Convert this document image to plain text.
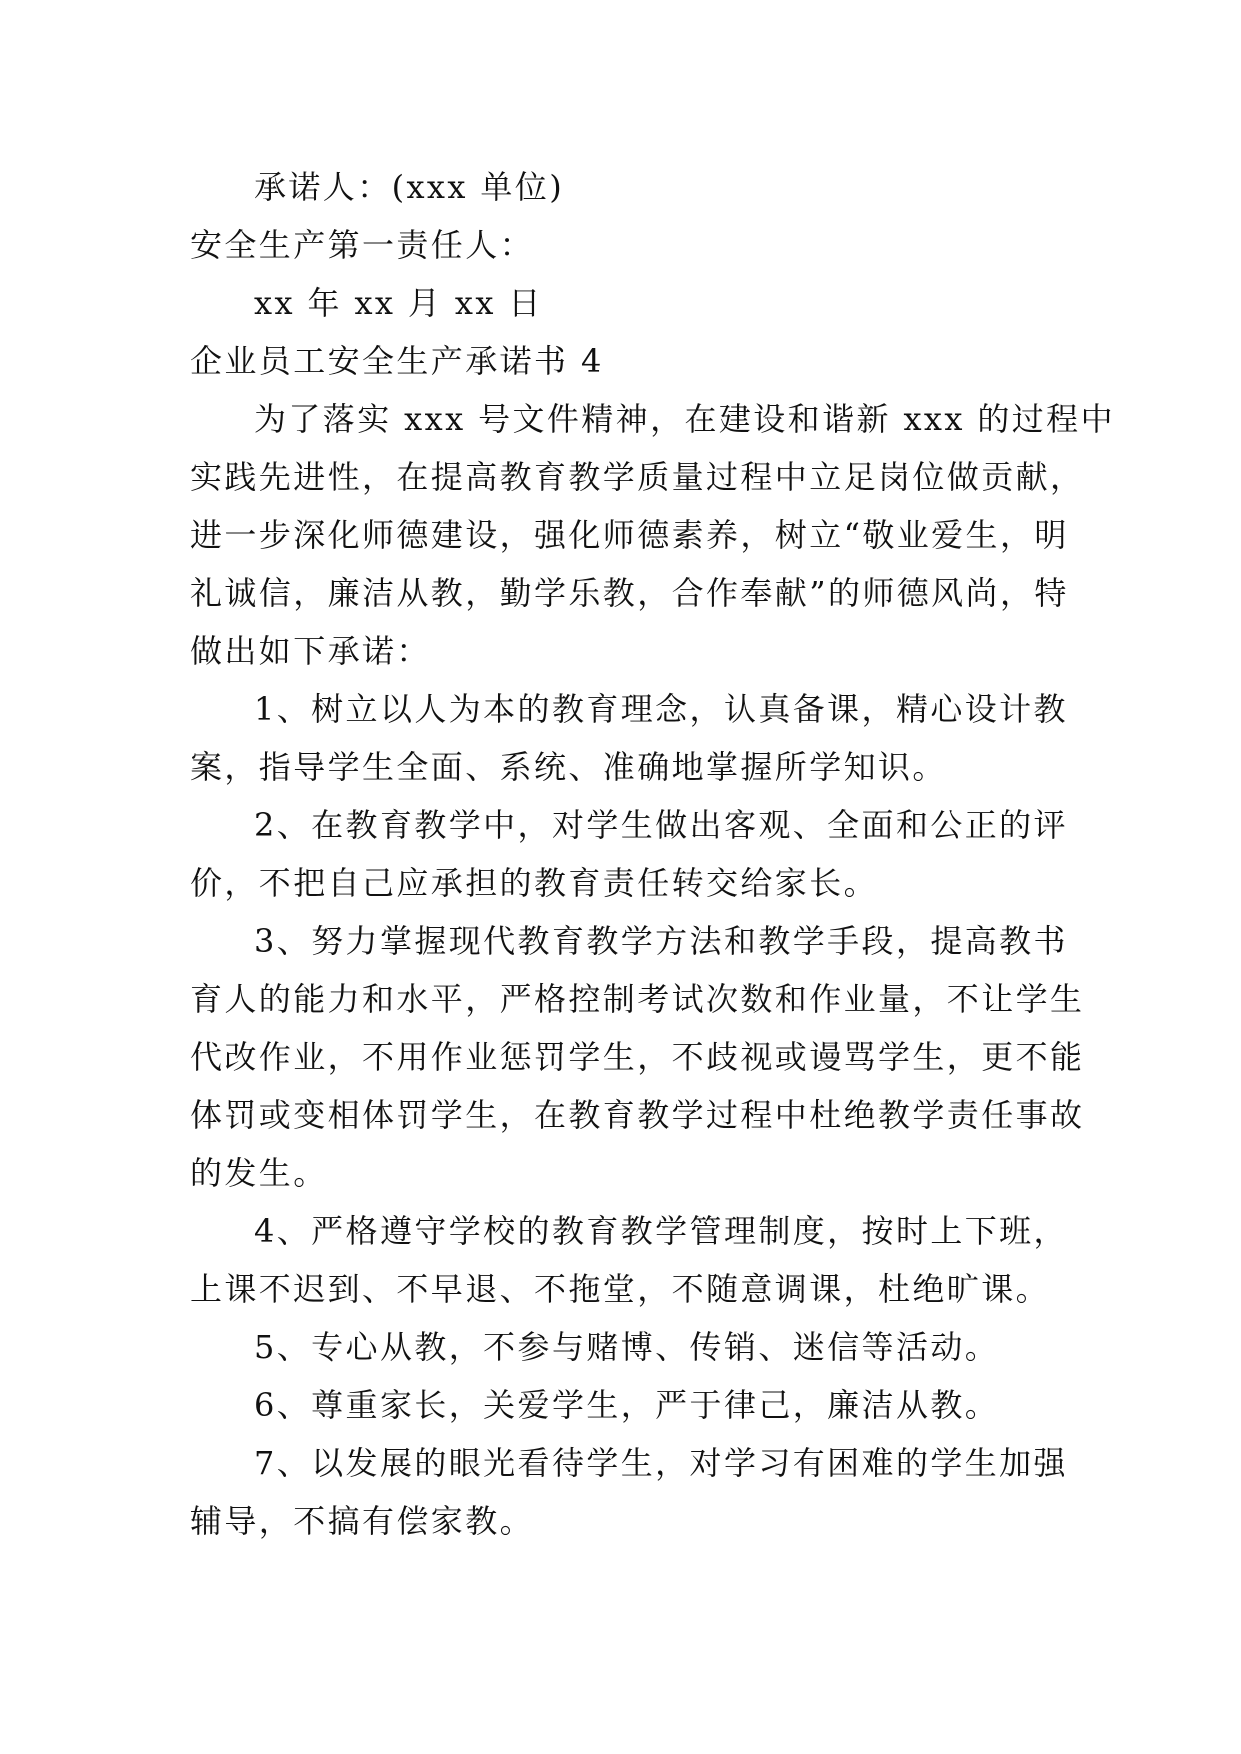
承诺人：(xxx 单位)
安全生产第一责任人：
xx 年 xx 月 xx 日
企业员工安全生产承诺书 4
为了落实 xxx 号文件精神，在建设和谐新 xxx 的过程中
实践先进性，在提高教育教学质量过程中立足岗位做贡献，
进一步深化师德建设，强化师德素养，树立“敬业爱生，明
礼诚信，廉洁从教，勤学乐教，合作奉献”的师德风尚，特
做出如下承诺：
1、树立以人为本的教育理念，认真备课，精心设计教
案，指导学生全面、系统、准确地掌握所学知识。
2、在教育教学中，对学生做出客观、全面和公正的评
价，不把自己应承担的教育责任转交给家长。
3、努力掌握现代教育教学方法和教学手段，提高教书
育人的能力和水平，严格控制考试次数和作业量，不让学生
代改作业，不用作业惩罚学生，不歧视或谩骂学生，更不能
体罚或变相体罚学生，在教育教学过程中杜绝教学责任事故
的发生。
4、严格遵守学校的教育教学管理制度，按时上下班，
上课不迟到、不早退、不拖堂，不随意调课，杜绝旷课。
5、专心从教，不参与赌博、传销、迷信等活动。
6、尊重家长，关爱学生，严于律己，廉洁从教。
7、以发展的眼光看待学生，对学习有困难的学生加强
辅导，不搞有偿家教。
